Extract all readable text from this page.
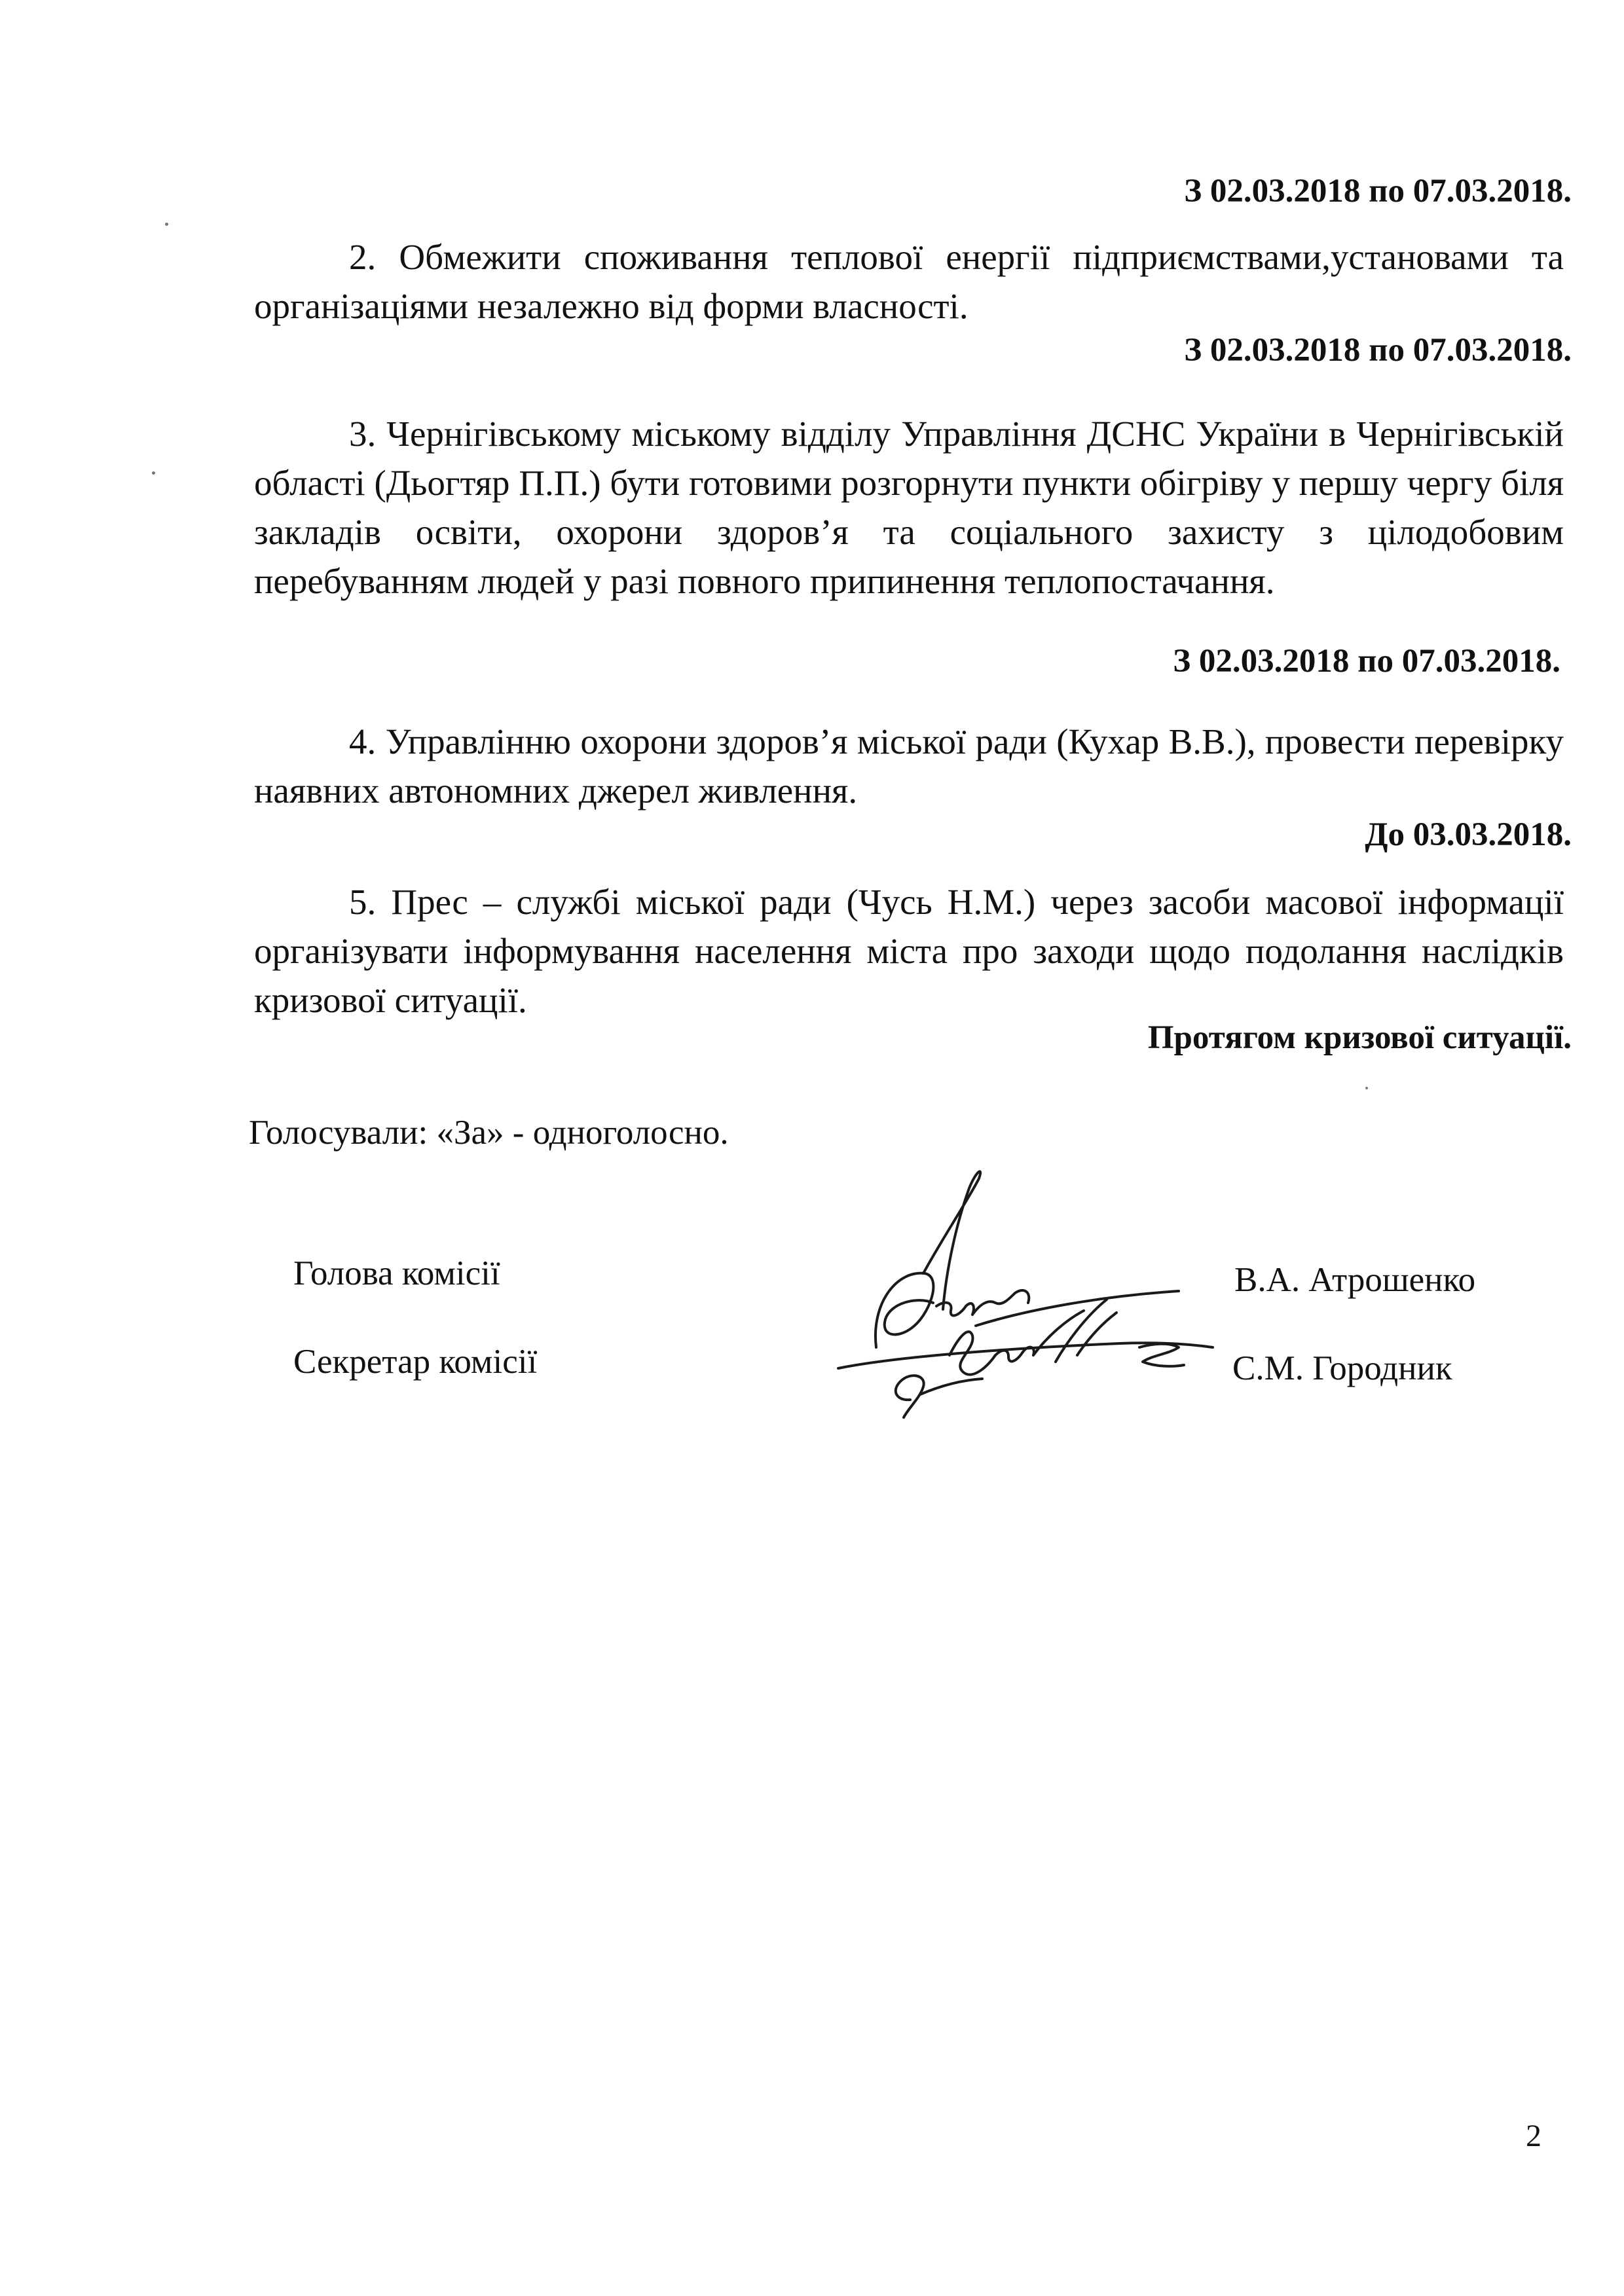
З 02.03.2018 по 07.03.2018.
2. Обмежити споживання теплової енергії підприємствами,установами та організаціями незалежно від форми власності.
З 02.03.2018 по 07.03.2018.
3. Чернігівському міському відділу Управління ДСНС України в Чернігівській області (Дьогтяр П.П.) бути готовими розгорнути пункти обігріву у першу чергу біля закладів освіти, охорони здоров’я та соціального захисту з цілодобовим перебуванням людей у разі повного припинення теплопостачання.
З 02.03.2018 по 07.03.2018.
4. Управлінню охорони здоров’я міської ради (Кухар В.В.), провести перевірку наявних автономних джерел живлення.
До 03.03.2018.
5. Прес – службі міської ради (Чусь Н.М.) через засоби масової інформації організувати інформування населення міста про заходи щодо подолання наслідків кризової ситуації.
Протягом кризової ситуації.
Голосували: «За» - одноголосно.
Голова комісії	В.А. Атрошенко
Секретар комісії	С.М. Городник
2
